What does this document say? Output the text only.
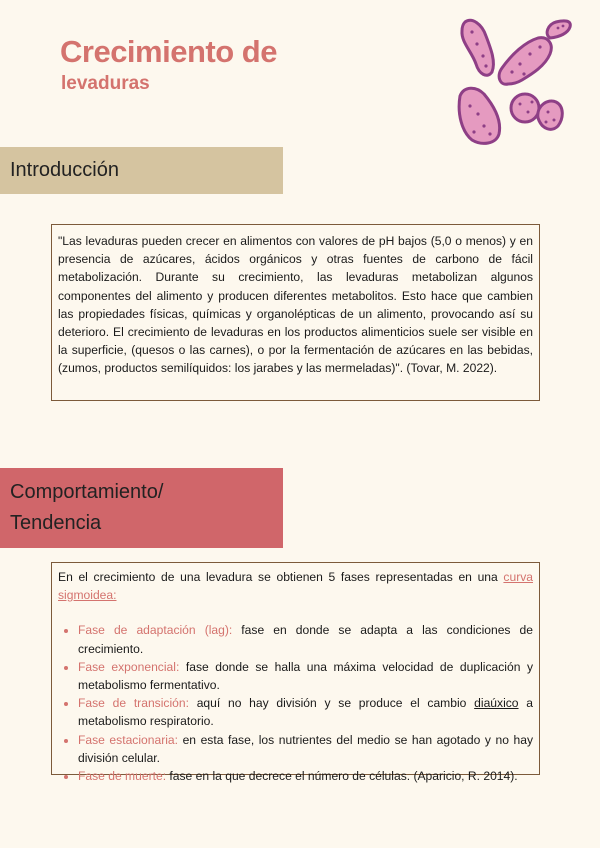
Crecimiento de
levaduras
Introducción
"Las levaduras pueden crecer en alimentos con valores de pH bajos (5,0 o menos) y en presencia de azúcares, ácidos orgánicos y otras fuentes de carbono de fácil metabolización. Durante su crecimiento, las levaduras metabolizan algunos componentes del alimento y producen diferentes metabolitos. Esto hace que cambien las propiedades físicas, químicas y organolépticas de un alimento, provocando así su deterioro. El crecimiento de levaduras en los productos alimenticios suele ser visible en la superficie, (quesos o las carnes), o por la fermentación de azúcares en las bebidas, (zumos, productos semilíquidos: los jarabes y las mermeladas)". (Tovar, M. 2022).
Comportamiento/
Tendencia
En el crecimiento de una levadura se obtienen 5 fases representadas en una curva sigmoidea:
• Fase de adaptación (lag): fase en donde se adapta a las condiciones de crecimiento.
• Fase exponencial: fase donde se halla una máxima velocidad de duplicación y metabolismo fermentativo.
• Fase de transición: aquí no hay división y se produce el cambio diaúxico a metabolismo respiratorio.
• Fase estacionaria: en esta fase, los nutrientes del medio se han agotado y no hay división celular.
• Fase de muerte: fase en la que decrece el número de células. (Aparicio, R. 2014).
